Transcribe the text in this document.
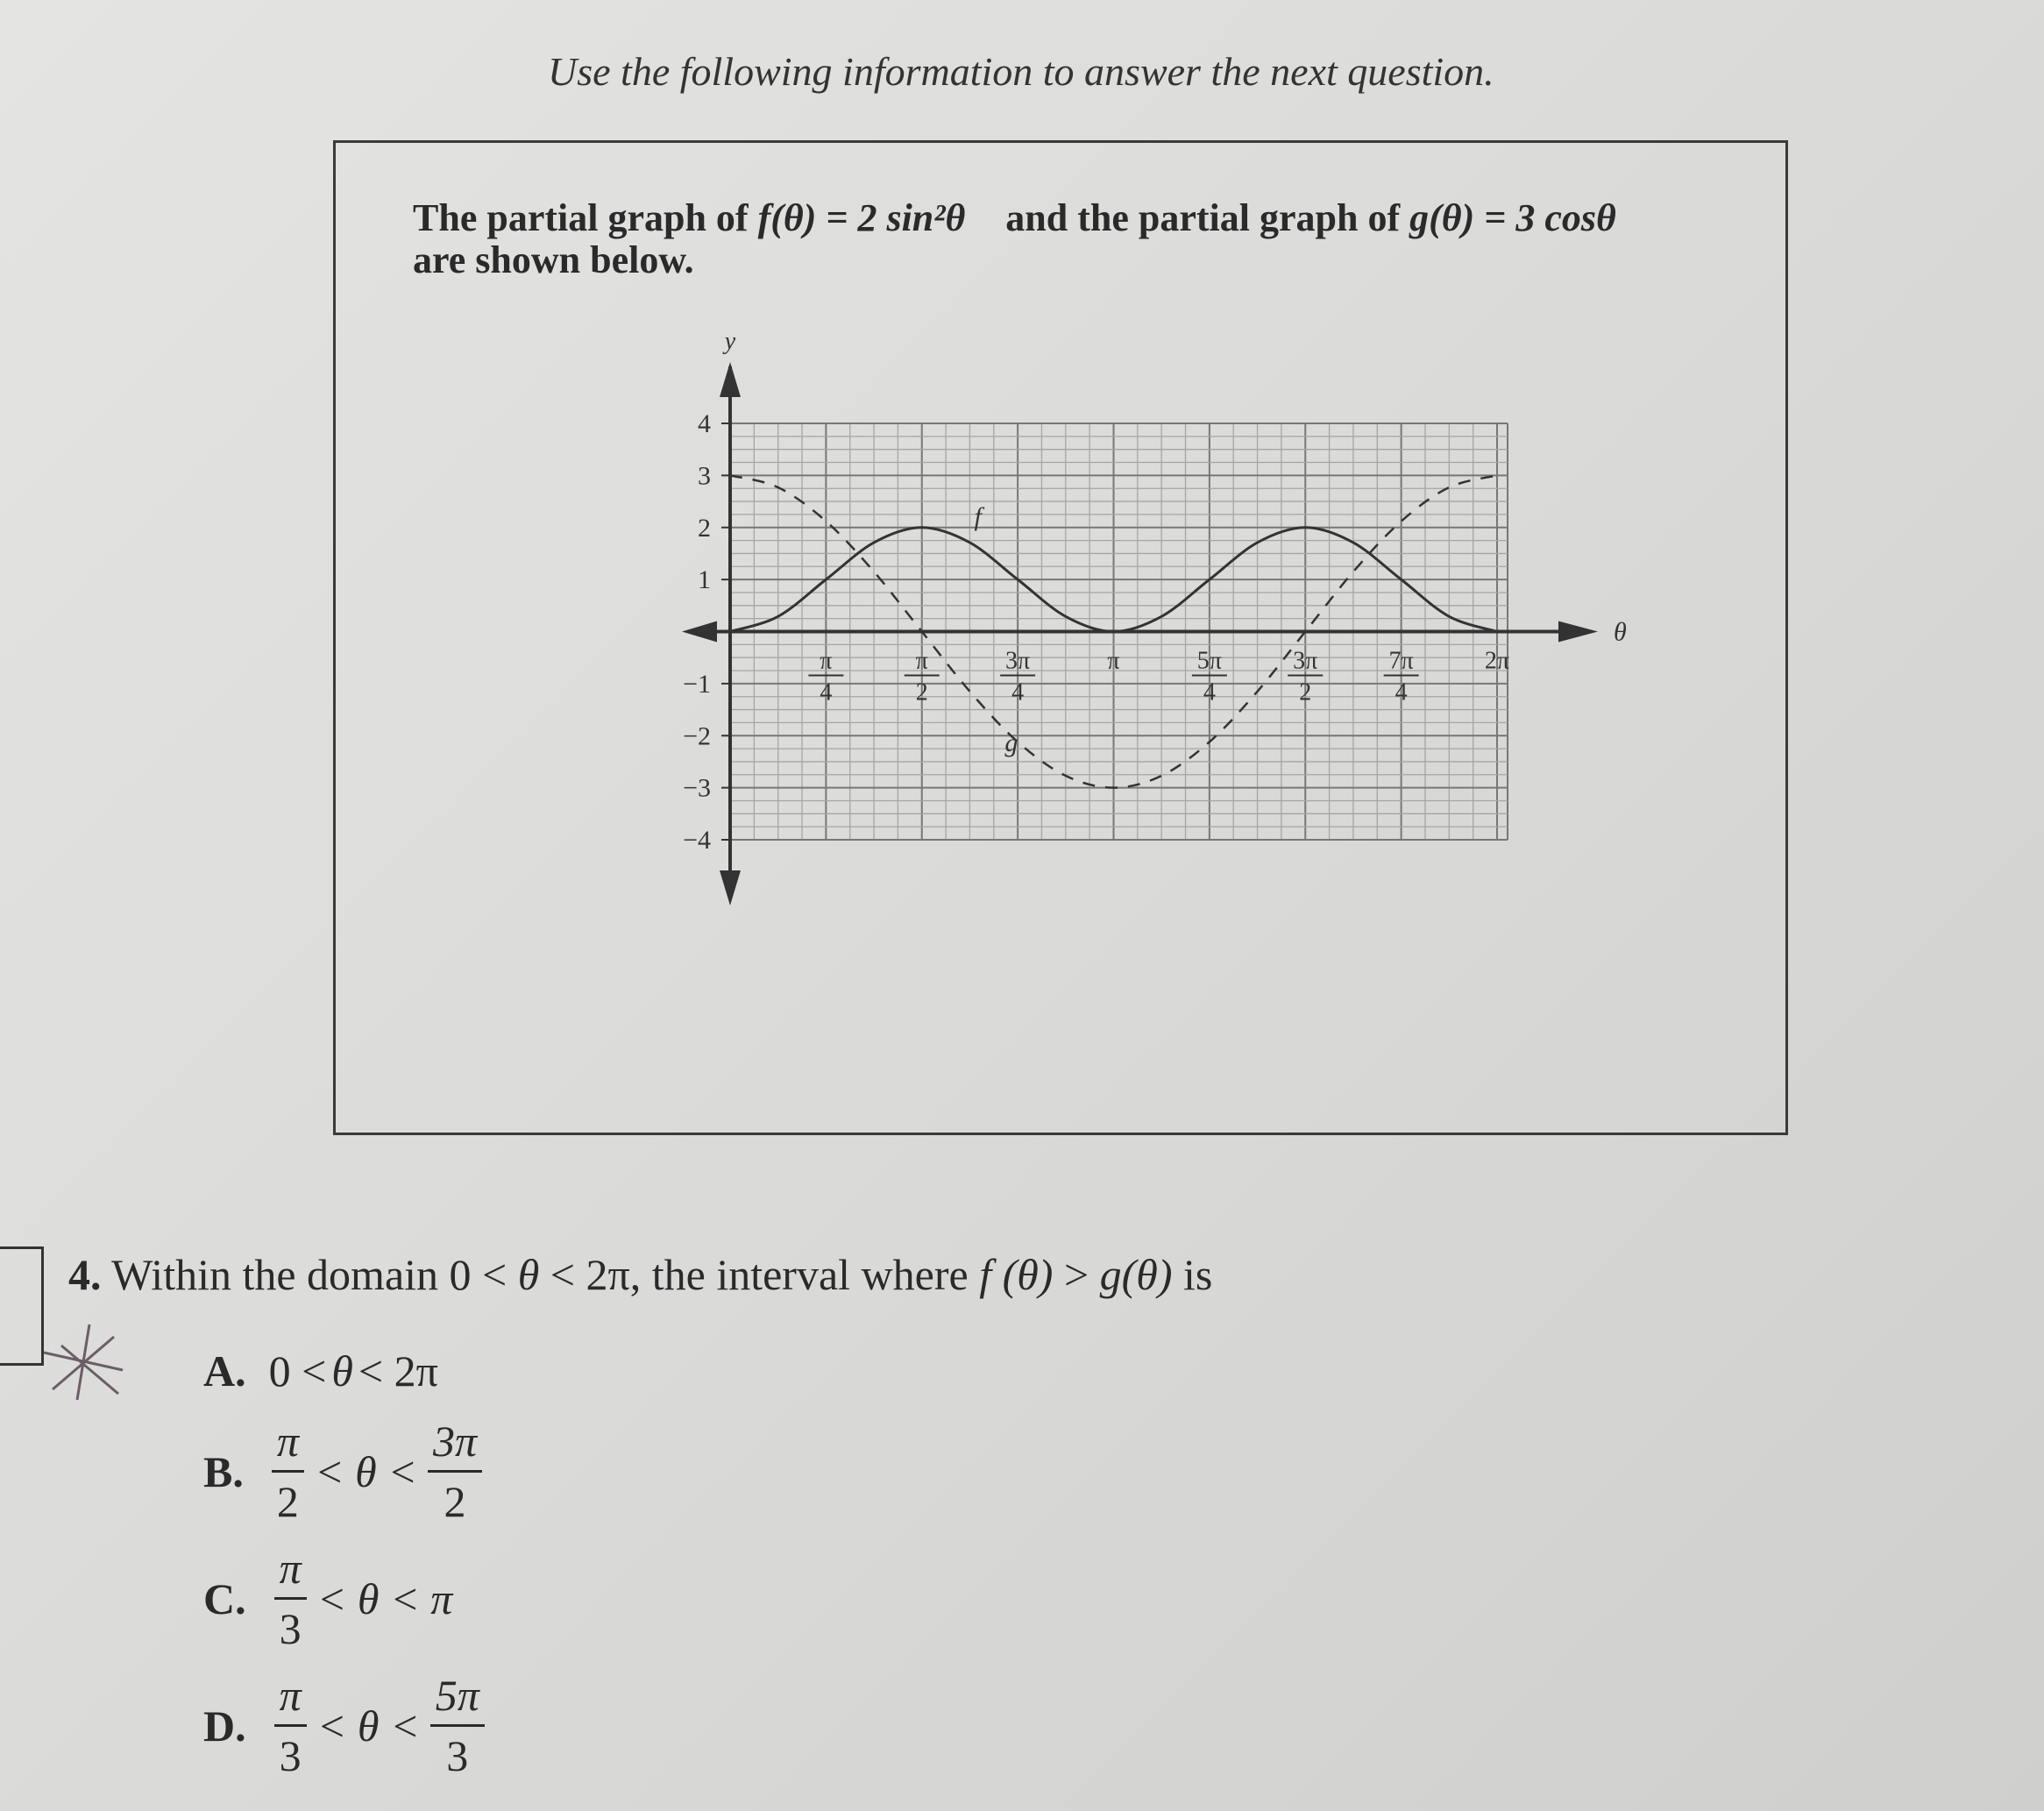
Use the following information to answer the next question.
The partial graph of f(θ) = 2 sin²θ and the partial graph of g(θ) = 3 cosθ
are shown below.
y
θ
4
3
2
1
−1
−2
−3
−4
π
4
π
2
3π
4
π	5π
4
3π
2
7π
4
2π
f
g
4. Within the domain 0 < θ < 2π, the interval where f (θ) > g(θ) is
A. 0 < θ < 2π
B. $\frac{\pi}{2} < \theta < \frac{3\pi}{2}$
C. $\frac{\pi}{3} < \theta < \pi$
D. $\frac{\pi}{3} < \theta < \frac{5\pi}{3}$
